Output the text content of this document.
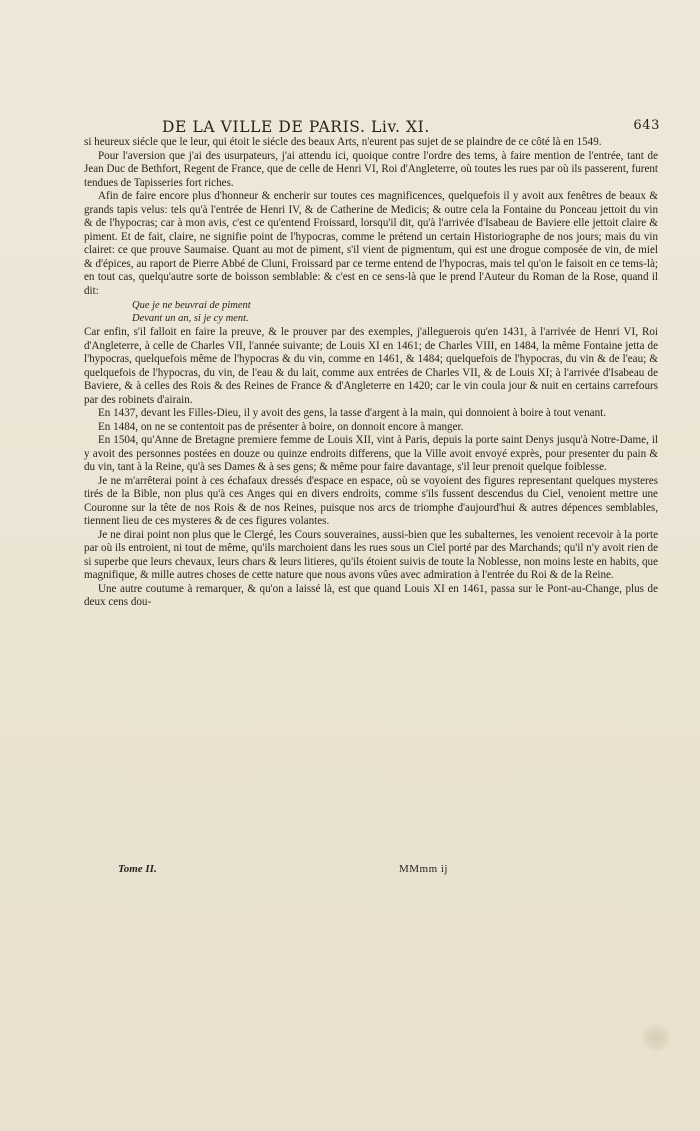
DE LA VILLE DE PARIS. Liv. XI.	643

si heureux siécle que le leur, qui étoit le siécle des beaux Arts, n'eurent pas sujet de se plaindre de ce côté là en 1549.

Pour l'aversion que j'ai des usurpateurs, j'ai attendu ici, quoique contre l'ordre des tems, à faire mention de l'entrée, tant de Jean Duc de Bethfort, Regent de France, que de celle de Henri VI, Roi d'Angleterre, où toutes les rues par où ils passerent, furent tendues de Tapisseries fort riches.

Afin de faire encore plus d'honneur & encherir sur toutes ces magnificences, quelquefois il y avoit aux fenêtres de beaux & grands tapis velus: tels qu'à l'entrée de Henri IV, & de Catherine de Medicis; & outre cela la Fontaine du Ponceau jettoit du vin & de l'hypocras; car à mon avis, c'est ce qu'entend Froissard, lorsqu'il dit, qu'à l'arrivée d'Isabeau de Baviere elle jettoit claire & piment. Et de fait, claire, ne signifie point de l'hypocras, comme le prétend un certain Historiographe de nos jours; mais du vin clairet: ce que prouve Saumaise. Quant au mot de piment, s'il vient de pigmentum, qui est une drogue composée de vin, de miel & d'épices, au raport de Pierre Abbé de Cluni, Froissard par ce terme entend de l'hypocras, mais tel qu'on le faisoit en ce tems-là; en tout cas, quelqu'autre sorte de boisson semblable: & c'est en ce sens-là que le prend l'Auteur du Roman de la Rose, quand il dit:

Que je ne beuvrai de piment
Devant un an, si je cy ment.

Car enfin, s'il falloit en faire la preuve, & le prouver par des exemples, j'alleguerois qu'en 1431, à l'arrivée de Henri VI, Roi d'Angleterre, à celle de Charles VII, l'année suivante; de Louis XI en 1461; de Charles VIII, en 1484, la même Fontaine jetta de l'hypocras, quelquefois même de l'hypocras & du vin, comme en 1461, & 1484; quelquefois de l'hypocras, du vin & de l'eau; & quelquefois de l'hypocras, du vin, de l'eau & du lait, comme aux entrées de Charles VII, & de Louis XI; à l'arrivée d'Isabeau de Baviere, & à celles des Rois & des Reines de France & d'Angleterre en 1420; car le vin coula jour & nuit en certains carrefours par des robinets d'airain.

En 1437, devant les Filles-Dieu, il y avoit des gens, la tasse d'argent à la main, qui donnoient à boire à tout venant.

En 1484, on ne se contentoit pas de présenter à boire, on donnoit encore à manger.

En 1504, qu'Anne de Bretagne premiere femme de Louis XII, vint à Paris, depuis la porte saint Denys jusqu'à Notre-Dame, il y avoit des personnes postées en douze ou quinze endroits differens, que la Ville avoit envoyé exprès, pour presenter du pain & du vin, tant à la Reine, qu'à ses Dames & à ses gens; & même pour faire davantage, s'il leur prenoit quelque foiblesse.

Je ne m'arrêterai point à ces échafaux dressés d'espace en espace, où se voyoient des figures representant quelques mysteres tirés de la Bible, non plus qu'à ces Anges qui en divers endroits, comme s'ils fussent descendus du Ciel, venoient mettre une Couronne sur la tête de nos Rois & de nos Reines, puisque nos arcs de triomphe d'aujourd'hui & autres dépences semblables, tiennent lieu de ces mysteres & de ces figures volantes.

Je ne dirai point non plus que le Clergé, les Cours souveraines, aussi-bien que les subalternes, les venoient recevoir à la porte par où ils entroient, ni tout de même, qu'ils marchoient dans les rues sous un Ciel porté par des Marchands; qu'il n'y avoit rien de si superbe que leurs chevaux, leurs chars & leurs litieres, qu'ils étoient suivis de toute la Noblesse, non moins leste en habits, que magnifique, & mille autres choses de cette nature que nous avons vûes avec admiration à l'entrée du Roi & de la Reine.

Une autre coutume à remarquer, & qu'on a laissé là, est que quand Louis XI en 1461, passa sur le Pont-au-Change, plus de deux cens dou-

Tome II.	MMmm ij
